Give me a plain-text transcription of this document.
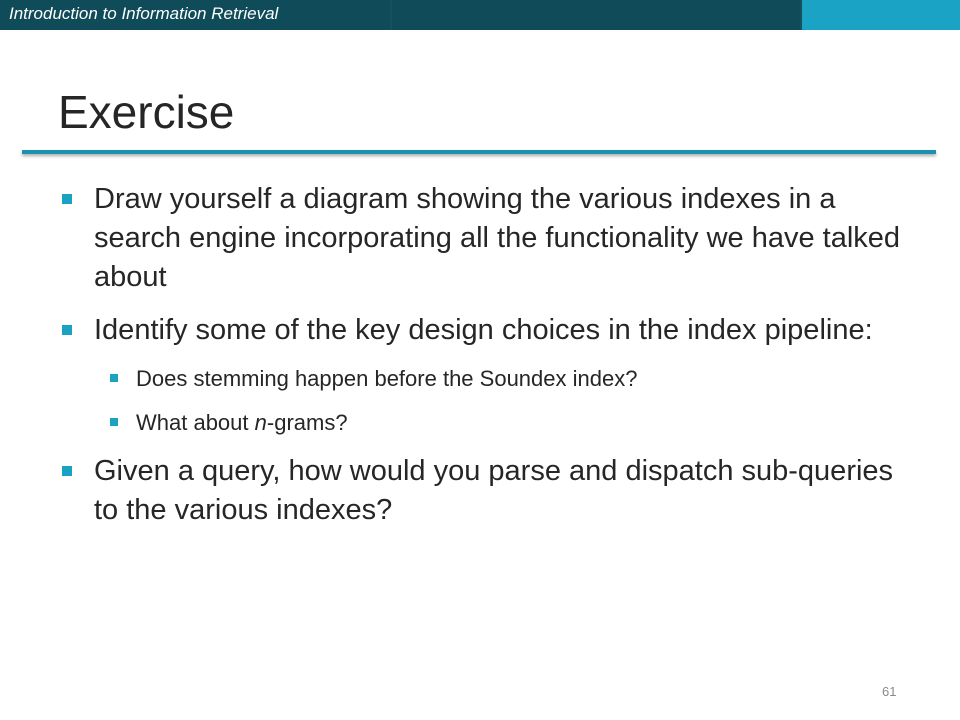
Introduction to Information Retrieval
Exercise
Draw yourself a diagram showing the various indexes in a search engine incorporating all the functionality we have talked about
Identify some of the key design choices in the index pipeline:
Does stemming happen before the Soundex index?
What about n-grams?
Given a query, how would you parse and dispatch sub-queries to the various indexes?
61
